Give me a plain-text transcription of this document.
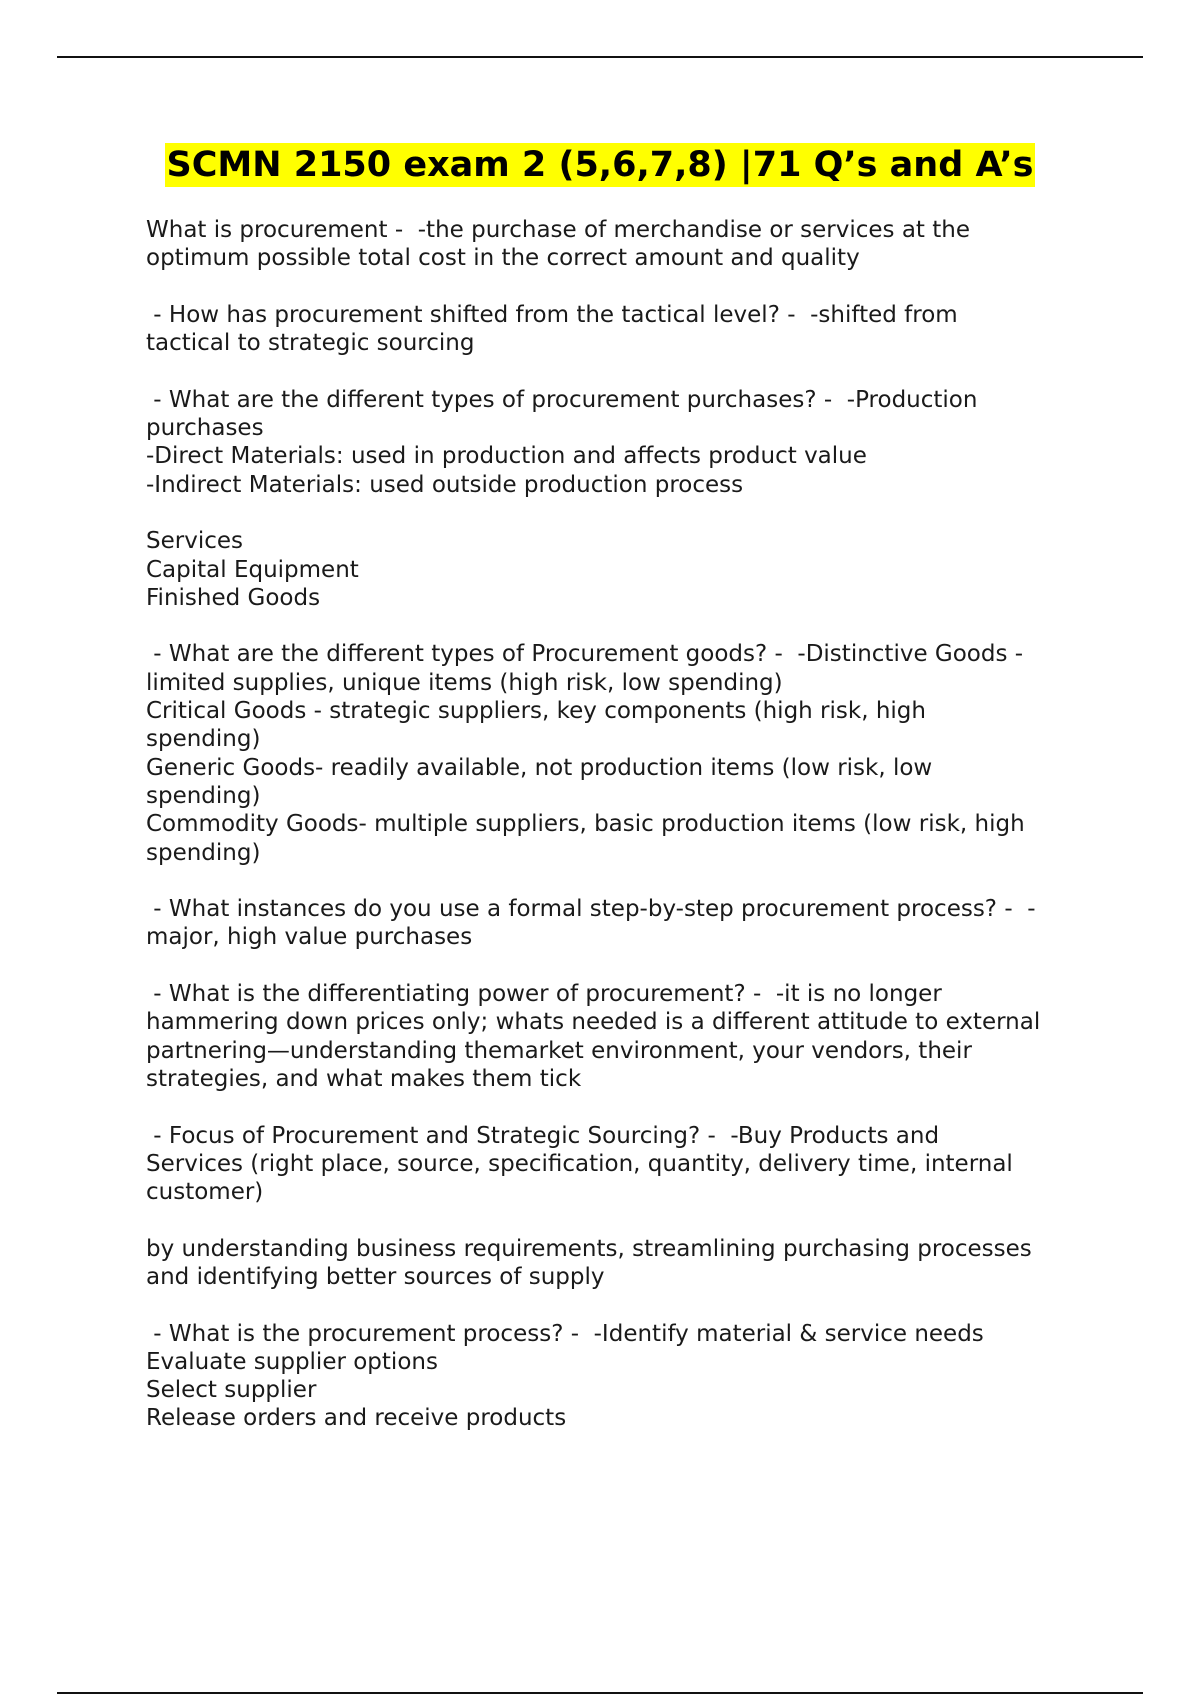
SCMN 2150 exam 2 (5,6,7,8) |71 Q’s and A’s
What is procurement -  -the purchase of merchandise or services at the
optimum possible total cost in the correct amount and quality
- How has procurement shifted from the tactical level? -  -shifted from
tactical to strategic sourcing
- What are the different types of procurement purchases? -  -Production
purchases
-Direct Materials: used in production and affects product value
-Indirect Materials: used outside production process
Services
Capital Equipment
Finished Goods
- What are the different types of Procurement goods? -  -Distinctive Goods -
limited supplies, unique items (high risk, low spending)
Critical Goods - strategic suppliers, key components (high risk, high
spending)
Generic Goods- readily available, not production items (low risk, low
spending)
Commodity Goods- multiple suppliers, basic production items (low risk, high
spending)
- What instances do you use a formal step-by-step procurement process? -  -
major, high value purchases
- What is the differentiating power of procurement? -  -it is no longer
hammering down prices only; whats needed is a different attitude to external
partnering—understanding themarket environment, your vendors, their
strategies, and what makes them tick
- Focus of Procurement and Strategic Sourcing? -  -Buy Products and
Services (right place, source, specification, quantity, delivery time, internal
customer)
by understanding business requirements, streamlining purchasing processes
and identifying better sources of supply
- What is the procurement process? -  -Identify material & service needs
Evaluate supplier options
Select supplier
Release orders and receive products
